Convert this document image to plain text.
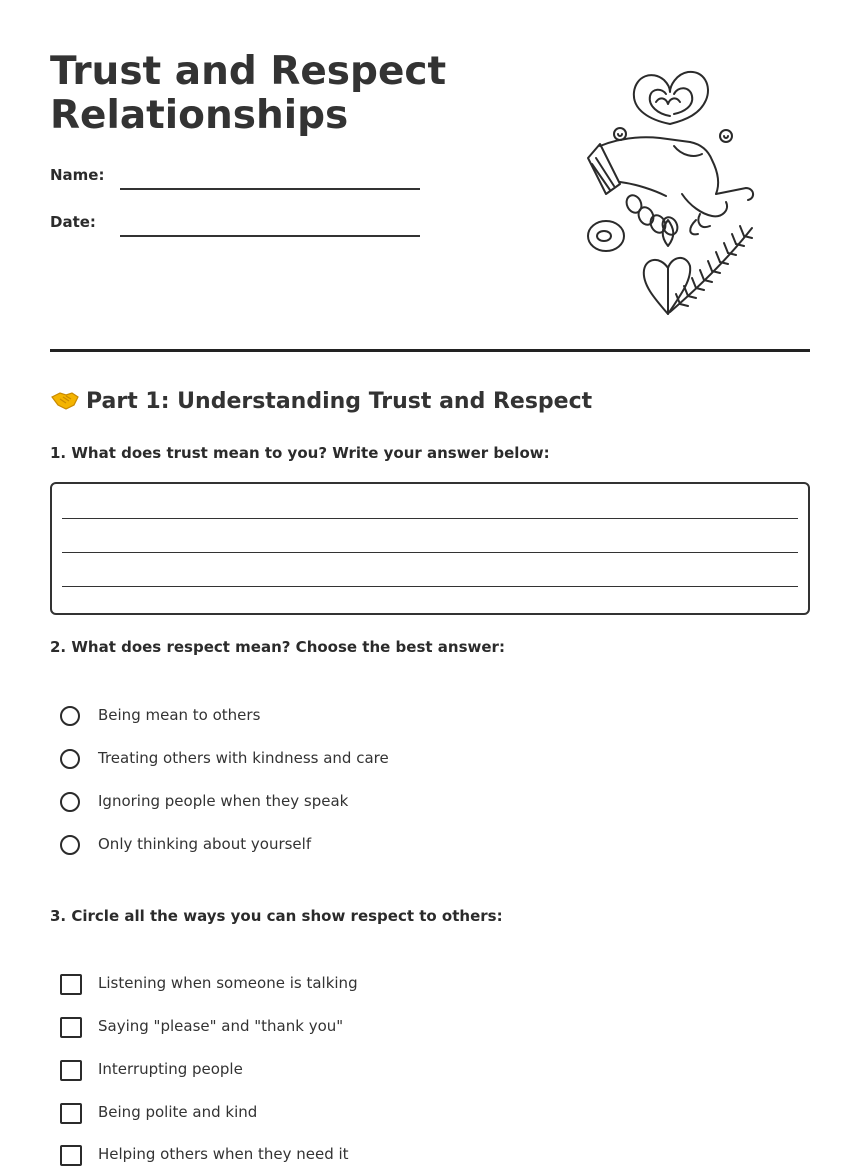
Trust and Respect
Relationships
Name:
Date:
Part 1: Understanding Trust and Respect

1. What does trust mean to you? Write your answer below:

2. What does respect mean? Choose the best answer:

Being mean to others
Treating others with kindness and care
Ignoring people when they speak
Only thinking about yourself

3. Circle all the ways you can show respect to others:

Listening when someone is talking
Saying "please" and "thank you"
Interrupting people
Being polite and kind
Helping others when they need it
